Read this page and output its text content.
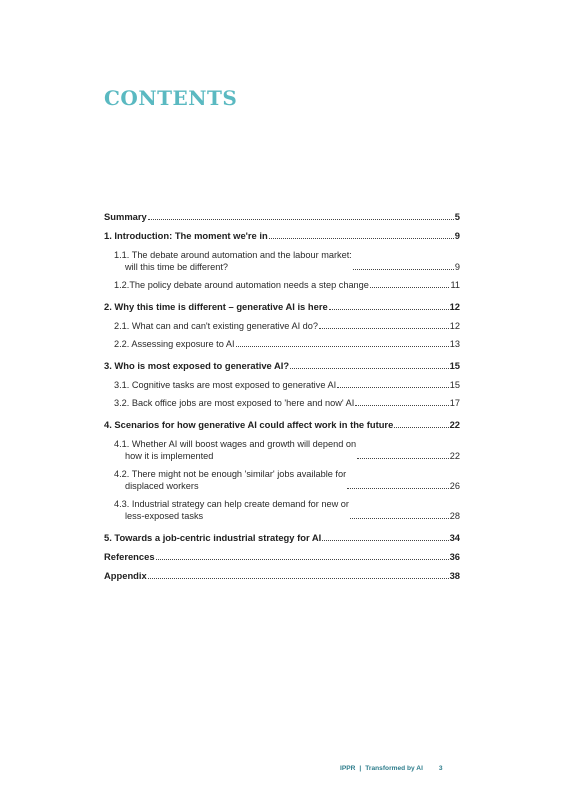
CONTENTS
Summary	5
1. Introduction: The moment we're in	9
1.1. The debate around automation and the labour market:
will this time be different?	9
1.2.The policy debate around automation needs a step change	11
2. Why this time is different – generative AI is here	12
2.1. What can and can't existing generative AI do?	12
2.2. Assessing exposure to AI	13
3. Who is most exposed to generative AI?	15
3.1. Cognitive tasks are most exposed to generative AI	15
3.2. Back office jobs are most exposed to 'here and now' AI	17
4. Scenarios for how generative AI could affect work in the future	22
4.1. Whether AI will boost wages and growth will depend on
how it is implemented	22
4.2. There might not be enough 'similar' jobs available for
displaced workers	26
4.3. Industrial strategy can help create demand for new or
less-exposed tasks	28
5. Towards a job-centric industrial strategy for AI	34
References	36
Appendix	38
IPPR | Transformed by AI 3
